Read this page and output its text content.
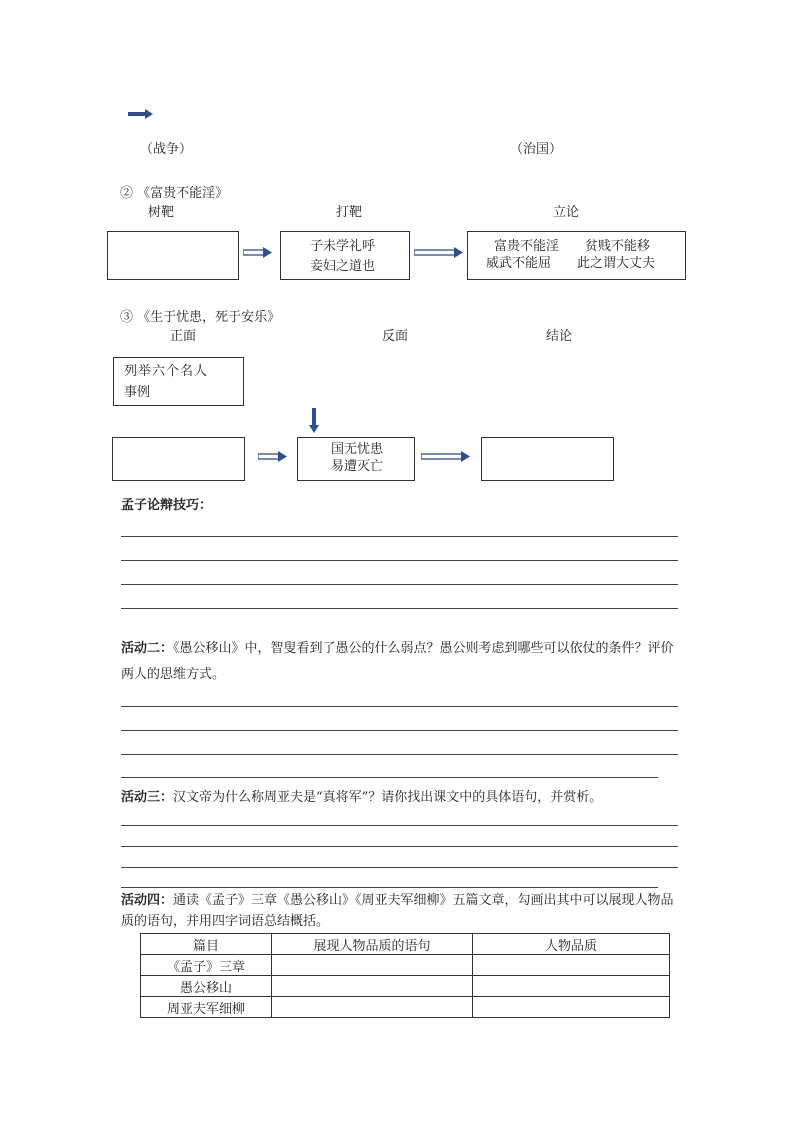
（战争）	（治国）
② 《富贵不能淫》
树靶	打靶	立论
子未学礼呼
妾妇之道也
富贵不能淫　　贫贱不能移
威武不能屈　　此之谓大丈夫
③ 《生于忧患，死于安乐》
正面	反面	结论
列举六个名人
事例
国无忧患
易遭灭亡
孟子论辩技巧：
活动二：《愚公移山》中，智叟看到了愚公的什么弱点？愚公则考虑到哪些可以依仗的条件？评价两人的思维方式。
活动三：汉文帝为什么称周亚夫是“真将军”？请你找出课文中的具体语句，并赏析。
活动四：通读《孟子》三章《愚公移山》《周亚夫军细柳》五篇文章，勾画出其中可以展现人物品质的语句，并用四字词语总结概括。
篇目	展现人物品质的语句	人物品质
《孟子》三章		
愚公移山		
周亚夫军细柳		
